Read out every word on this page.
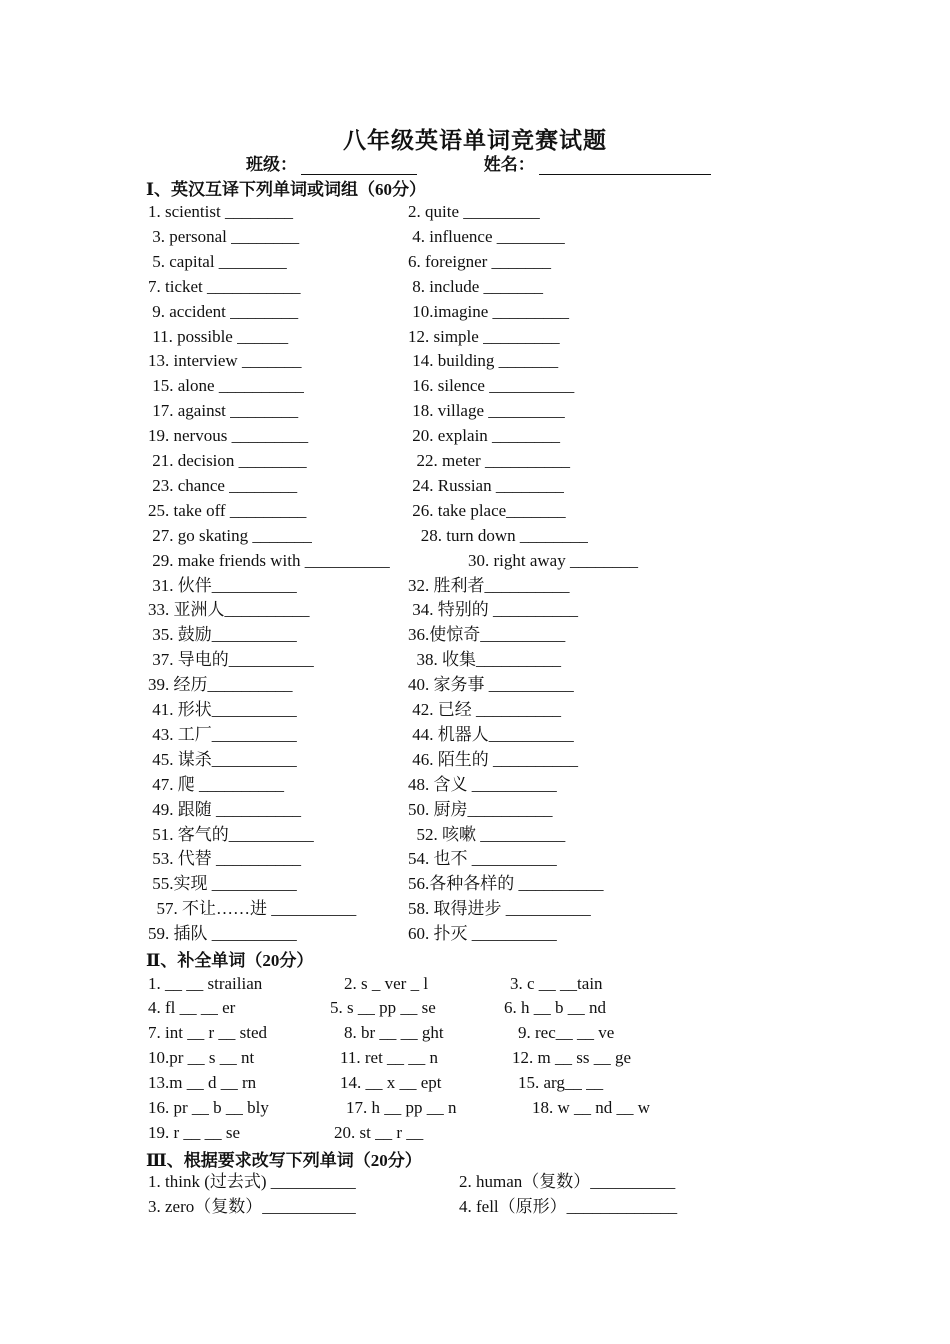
八年级英语单词竞赛试题
班级：	姓名：
Ⅰ、英汉互译下列单词或词组（60分）
1. scientist ________	2. quite _________
3. personal ________	4. influence ________
5. capital ________	6. foreigner _______
7. ticket ___________	8. include _______
9. accident ________	10.imagine _________
11. possible ______	12. simple _________
13. interview _______	14. building _______
15. alone __________	16. silence __________
17. against ________	18. village _________
19. nervous _________	20. explain ________
21. decision ________	22. meter __________
23. chance ________	24. Russian ________
25. take off _________	26. take place_______
27. go skating _______	28. turn down ________
29. make friends with __________	30. right away ________
31. 伙伴__________	32. 胜利者__________
33. 亚洲人__________	34. 特别的 __________
35. 鼓励__________	36.使惊奇__________
37. 导电的__________	38. 收集__________
39. 经历__________	40. 家务事 __________
41. 形状__________	42. 已经 __________
43. 工厂__________	44. 机器人__________
45. 谋杀__________	46. 陌生的 __________
47. 爬 __________	48. 含义 __________
49. 跟随 __________	50. 厨房__________
51. 客气的__________	52. 咳嗽 __________
53. 代替 __________	54. 也不 __________
55.实现 __________	56.各种各样的 __________
57. 不让……进 __________	58. 取得进步 __________
59. 插队 __________	60. 扑灭 __________
Ⅱ、补全单词（20分）
1. __ __ strailian	2. s _ ver _ l	3. c __ __tain
4. fl __ __ er	5. s __ pp __ se	6. h __ b __ nd
7. int __ r __ sted	8. br __ __ ght	9. rec__ __ ve
10.pr __ s __ nt	11. ret __ __ n	12. m __ ss __ ge
13.m __ d __ rn	14. __ x __ ept	15. arg__ __
16. pr __ b __ bly	17. h __ pp __ n	18. w __ nd __ w
19. r __ __ se	20. st __ r __
Ⅲ、根据要求改写下列单词（20分）
1. think (过去式) __________	2. human（复数）__________
3. zero（复数）___________	4. fell（原形）_____________
